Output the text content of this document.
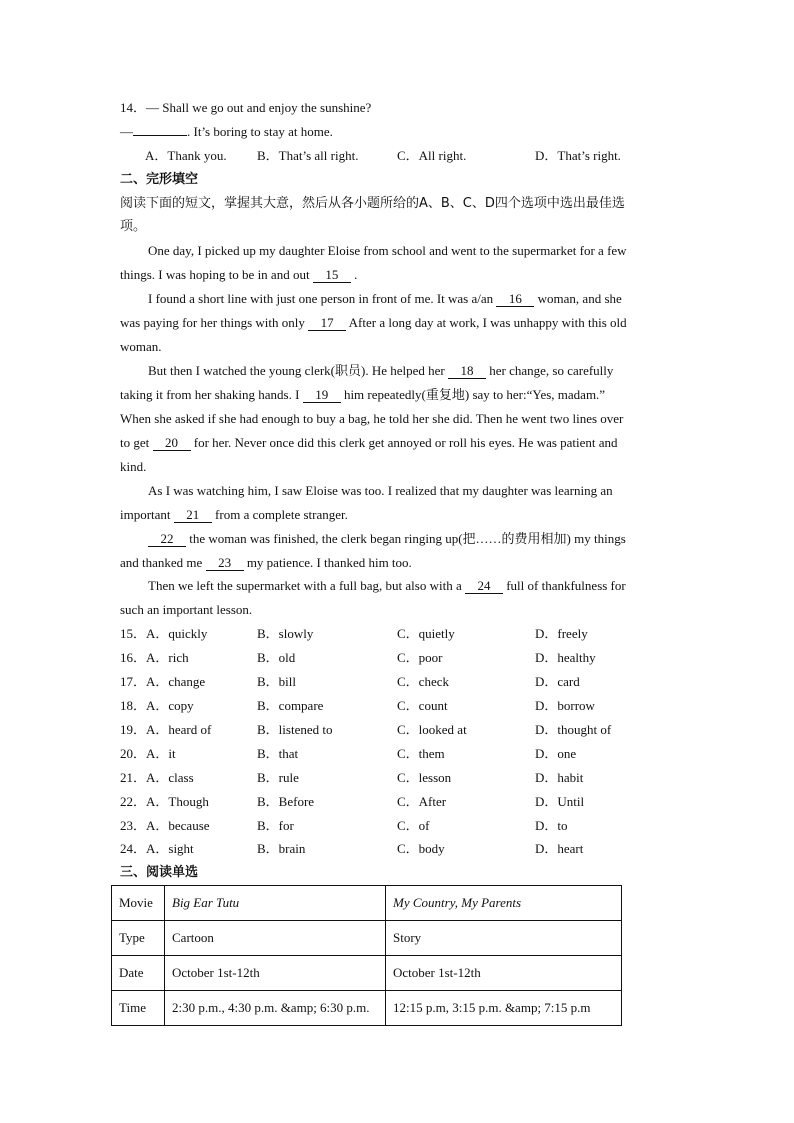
14．— Shall we go out and enjoy the sunshine?
—	. It’s boring to stay at home.
A．Thank you. B．That’s all right.	C．All right.	D．That’s right.
二、完形填空
阅读下面的短文，掌握其大意，然后从各小题所给的A、B、C、D四个选项中选出最佳选
项。
One day, I picked up my daughter Eloise from school and went to the supermarket for a few
things. I was hoping to be in and out 15 .
I found a short line with just one person in front of me. It was a/an 16 woman, and she
was paying for her things with only 17 After a long day at work, I was unhappy with this old
woman.
But then I watched the young clerk(职员). He helped her 18 her change, so carefully
taking it from her shaking hands. I 19 him repeatedly(重复地) say to her:“Yes, madam.”
When she asked if she had enough to buy a bag, he told her she did. Then he went two lines over
to get 20 for her. Never once did this clerk get annoyed or roll his eyes. He was patient and
kind.
As I was watching him, I saw Eloise was too. I realized that my daughter was learning an
important 21 from a complete stranger.
22 the woman was finished, the clerk began ringing up(把……的费用相加) my things
and thanked me 23 my patience. I thanked him too.
Then we left the supermarket with a full bag, but also with a 24 full of thankfulness for
such an important lesson.
15． A．quickly	B．slowly	C．quietly	D．freely
16． A．rich	B．old	C．poor	D．healthy
17． A．change	B．bill	C．check	D．card
18． A．copy	B．compare	C．count	D．borrow
19． A．heard of	B．listened to	C．looked at	D．thought of
20． A．it	B．that	C．them	D．one
21． A．class	B．rule	C．lesson	D．habit
22． A．Though	B．Before	C．After	D．Until
23． A．because	B．for	C．of	D．to
24． A．sight	B．brain	C．body	D．heart
三、阅读单选
Movie	Big Ear Tutu	My Country, My Parents
Type	Cartoon	Story
Date	October 1st-12th	October 1st-12th
Time	2:30 p.m., 4:30 p.m. &amp; 6:30 p.m.	12:15 p.m, 3:15 p.m. &amp; 7:15 p.m
